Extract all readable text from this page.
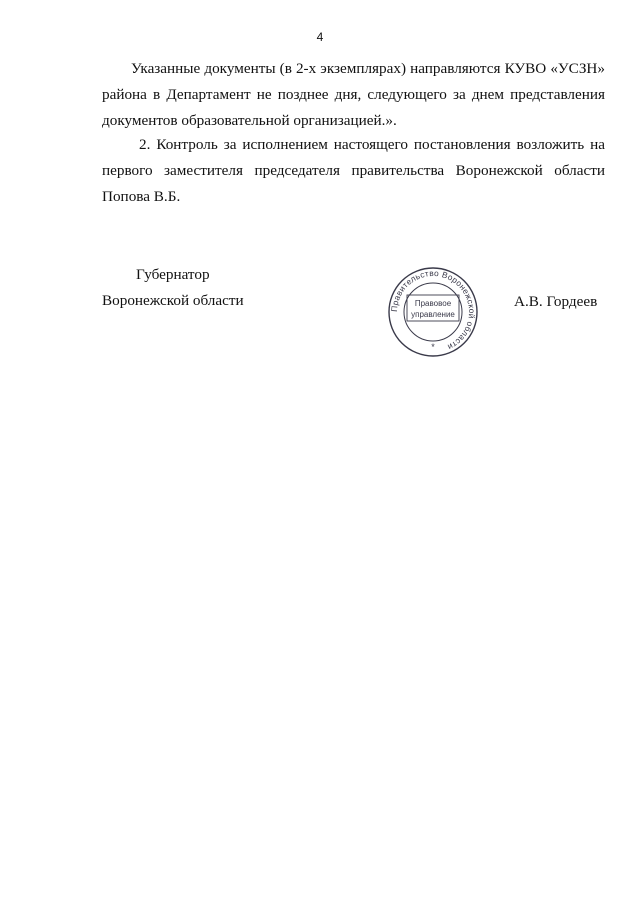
4

Указанные документы (в 2-х экземплярах) направляются КУВО «УСЗН» района в Департамент не позднее дня, следующего за днем представления документов образовательной организацией.».

2. Контроль за исполнением настоящего постановления возложить на первого заместителя председателя правительства Воронежской области Попова В.Б.

Губернатор
Воронежской области	А.В. Гордеев
Правительство Воронежской области
Правовое
управление
*
